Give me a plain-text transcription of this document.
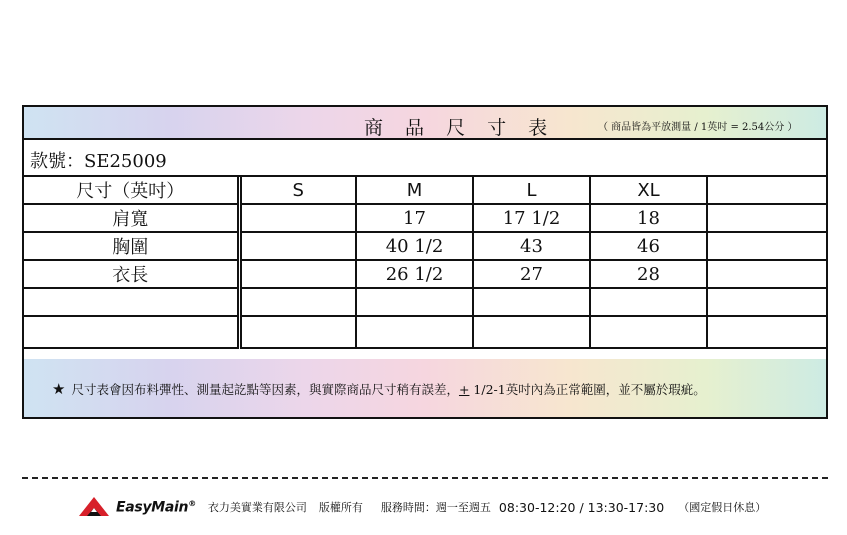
商 品 尺 寸 表	（ 商品皆為平放測量 / 1英吋 = 2.54公分 ）
款號：SE25009
尺寸（英吋）	S	M	L	XL	
肩寬		17	17 1/2	18	
胸圍		40 1/2	43	46	
衣長		26 1/2	27	28	

★ 尺寸表會因布料彈性、測量起訖點等因素，與實際商品尺寸稍有誤差，+ 1/2-1英吋內為正常範圍，並不屬於瑕疵。
EasyMain® 衣力美實業有限公司 版權所有 服務時間：週一至週五 08:30-12:20 / 13:30-17:30 （國定假日休息）
